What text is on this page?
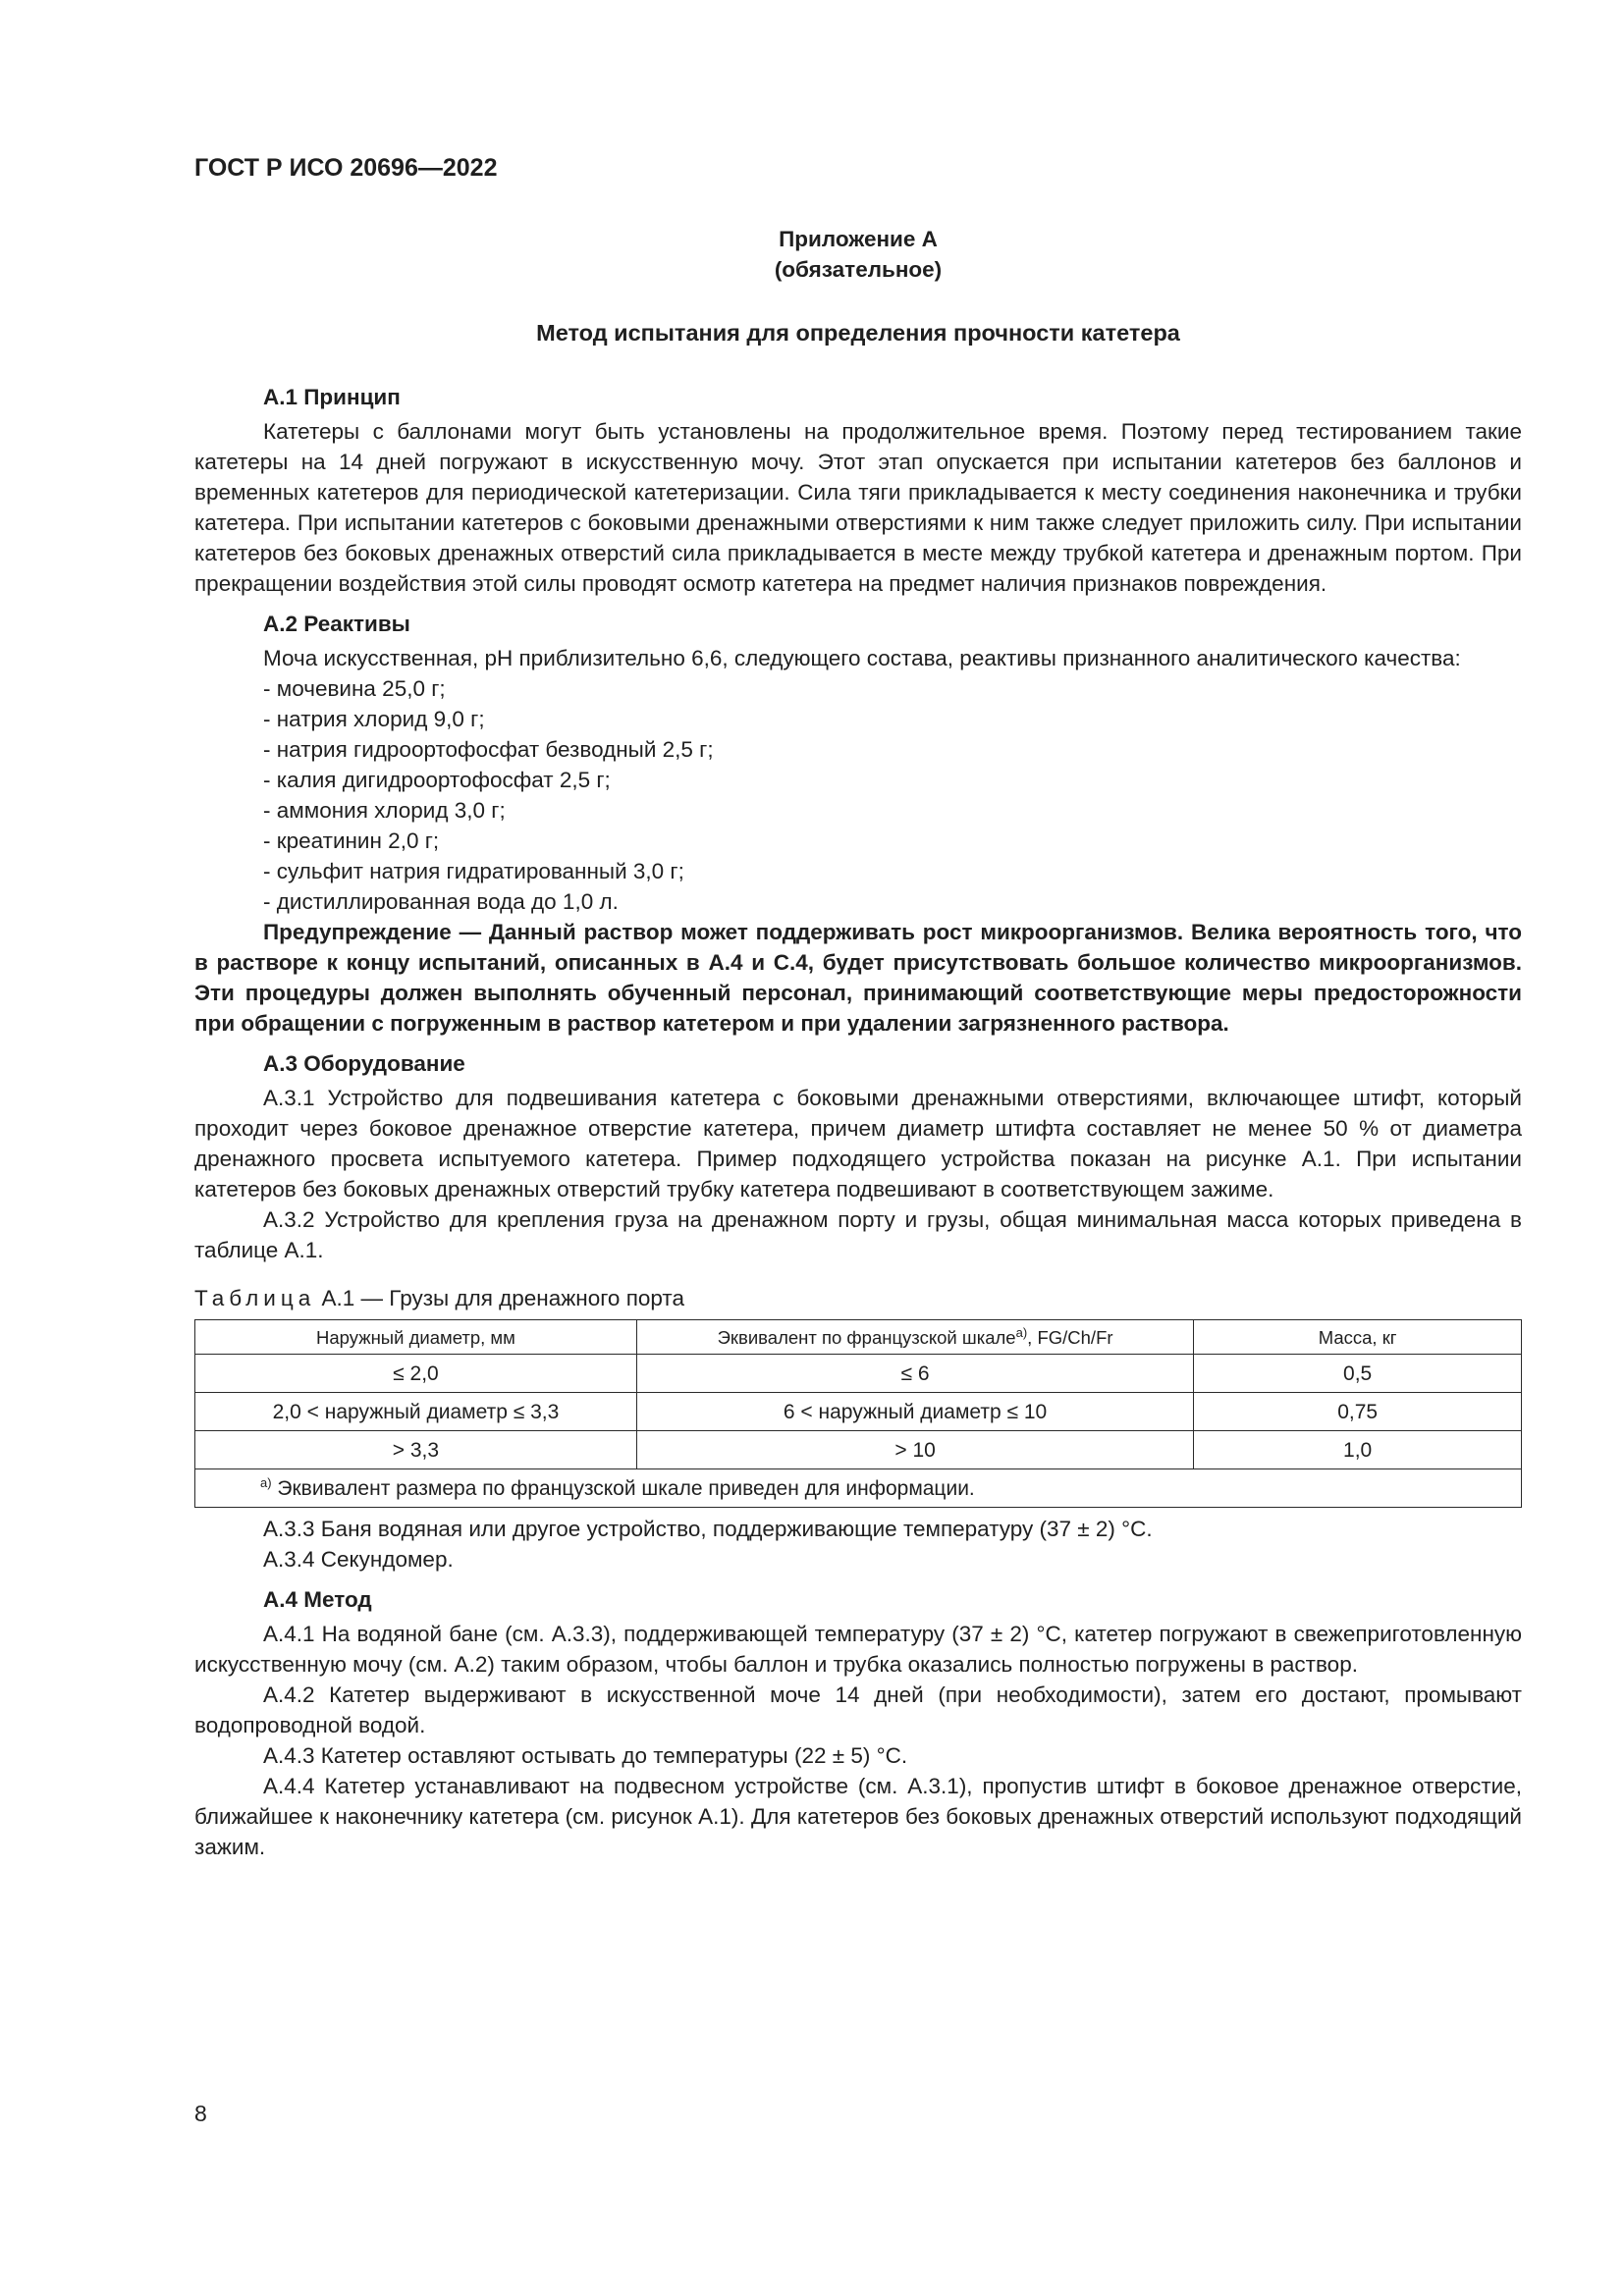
ГОСТ Р ИСО 20696—2022
Приложение А
(обязательное)
Метод испытания для определения прочности катетера
А.1 Принцип

Катетеры с баллонами могут быть установлены на продолжительное время. Поэтому перед тестированием такие катетеры на 14 дней погружают в искусственную мочу. Этот этап опускается при испытании катетеров без баллонов и временных катетеров для периодической катетеризации. Сила тяги прикладывается к месту соединения наконечника и трубки катетера. При испытании катетеров с боковыми дренажными отверстиями к ним также следует приложить силу. При испытании катетеров без боковых дренажных отверстий сила прикладывается в месте между трубкой катетера и дренажным портом. При прекращении воздействия этой силы проводят осмотр катетера на предмет наличия признаков повреждения.

А.2 Реактивы

Моча искусственная, pH приблизительно 6,6, следующего состава, реактивы признанного аналитического качества:

- мочевина 25,0 г;
- натрия хлорид 9,0 г;
- натрия гидроортофосфат безводный 2,5 г;
- калия дигидроортофосфат 2,5 г;
- аммония хлорид 3,0 г;
- креатинин 2,0 г;
- сульфит натрия гидратированный 3,0 г;
- дистиллированная вода до 1,0 л.

Предупреждение — Данный раствор может поддерживать рост микроорганизмов. Велика вероятность того, что в растворе к концу испытаний, описанных в А.4 и С.4, будет присутствовать большое количество микроорганизмов. Эти процедуры должен выполнять обученный персонал, принимающий соответствующие меры предосторожности при обращении с погруженным в раствор катетером и при удалении загрязненного раствора.

А.3 Оборудование

А.3.1 Устройство для подвешивания катетера с боковыми дренажными отверстиями, включающее штифт, который проходит через боковое дренажное отверстие катетера, причем диаметр штифта составляет не менее 50 % от диаметра дренажного просвета испытуемого катетера. Пример подходящего устройства показан на рисунке А.1. При испытании катетеров без боковых дренажных отверстий трубку катетера подвешивают в соответствующем зажиме.

А.3.2 Устройство для крепления груза на дренажном порту и грузы, общая минимальная масса которых приведена в таблице А.1.

Таблица А.1 — Грузы для дренажного порта
Наружный диаметр, мм	Эквивалент по французской шкале$^{а)}$, FG/Ch/Fr	Масса, кг
≤ 2,0	≤ 6	0,5
2,0 < наружный диаметр ≤ 3,3	6 < наружный диаметр ≤ 10	0,75
> 3,3	> 10	1,0
$^{а)}$ Эквивалент размера по французской шкале приведен для информации.		

А.3.3 Баня водяная или другое устройство, поддерживающие температуру (37 ± 2) °С.

А.3.4 Секундомер.

А.4 Метод

А.4.1 На водяной бане (см. А.3.3), поддерживающей температуру (37 ± 2) °С, катетер погружают в свежеприготовленную искусственную мочу (см. А.2) таким образом, чтобы баллон и трубка оказались полностью погружены в раствор.

А.4.2 Катетер выдерживают в искусственной моче 14 дней (при необходимости), затем его достают, промывают водопроводной водой.

А.4.3 Катетер оставляют остывать до температуры (22 ± 5) °С.

А.4.4 Катетер устанавливают на подвесном устройстве (см. А.3.1), пропустив штифт в боковое дренажное отверстие, ближайшее к наконечнику катетера (см. рисунок А.1). Для катетеров без боковых дренажных отверстий используют подходящий зажим.

8
